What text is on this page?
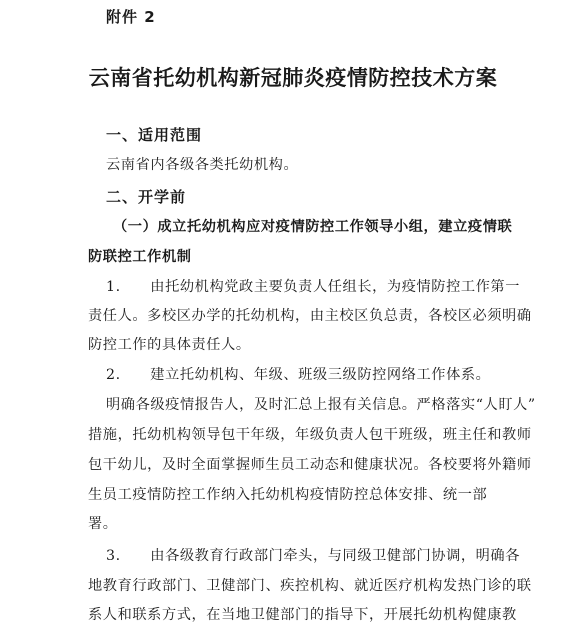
附件 2
云南省托幼机构新冠肺炎疫情防控技术方案
一、适用范围
云南省内各级各类托幼机构。
二、开学前
（一）成立托幼机构应对疫情防控工作领导小组，建立疫情联
防联控工作机制
1.　　由托幼机构党政主要负责人任组长，为疫情防控工作第一
责任人。多校区办学的托幼机构，由主校区负总责，各校区必须明确
防控工作的具体责任人。
2.　　建立托幼机构、年级、班级三级防控网络工作体系。
明确各级疫情报告人，及时汇总上报有关信息。严格落实“人盯人”
措施，托幼机构领导包干年级，年级负责人包干班级，班主任和教师
包干幼儿，及时全面掌握师生员工动态和健康状况。各校要将外籍师
生员工疫情防控工作纳入托幼机构疫情防控总体安排、统一部
署。
3.　　由各级教育行政部门牵头，与同级卫健部门协调，明确各
地教育行政部门、卫健部门、疾控机构、就近医疗机构发热门诊的联
系人和联系方式，在当地卫健部门的指导下，开展托幼机构健康教
